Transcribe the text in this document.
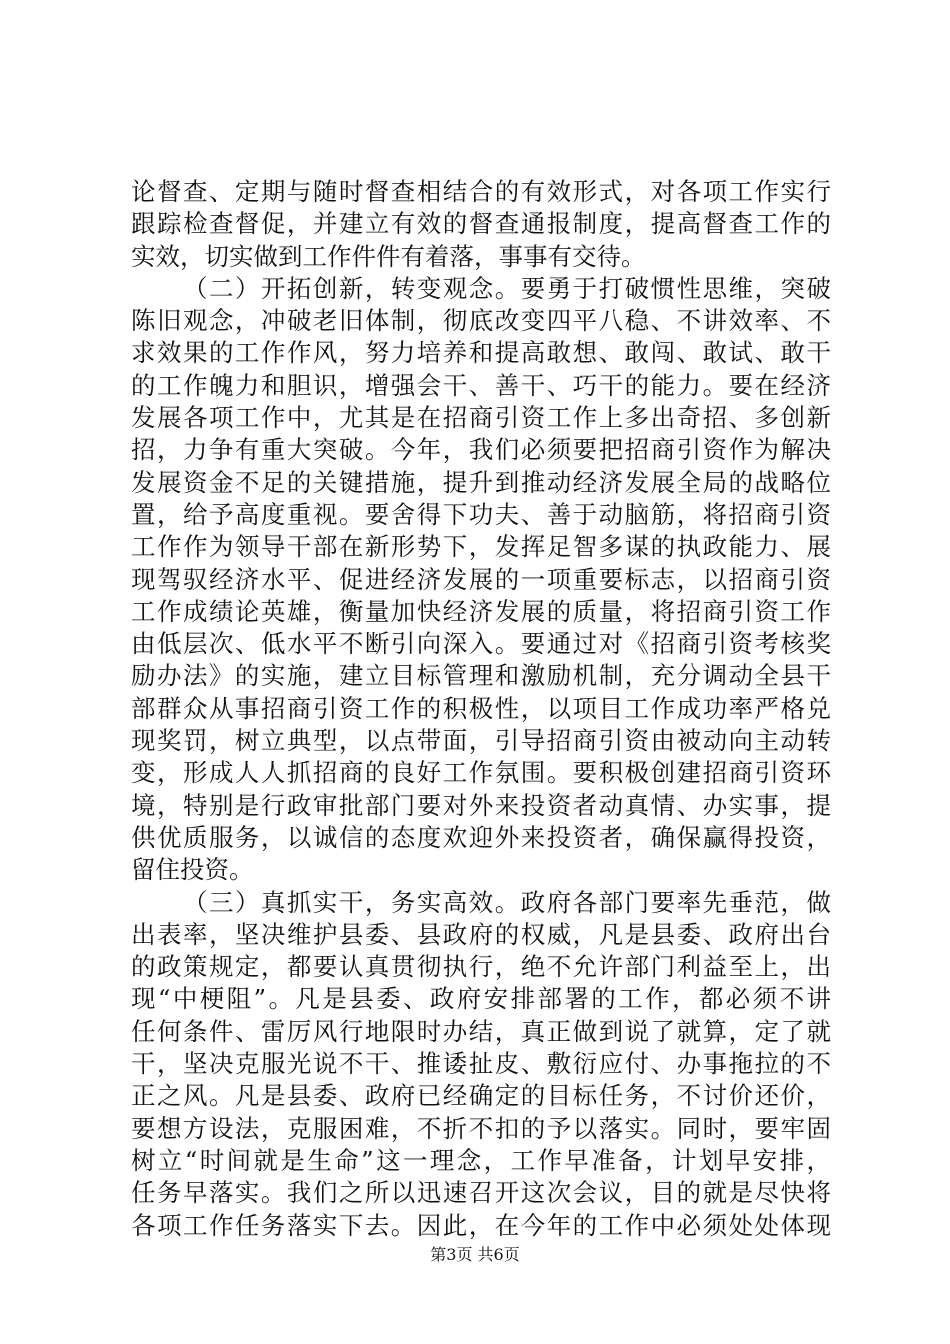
论督查、定期与随时督查相结合的有效形式，对各项工作实行
跟踪检查督促，并建立有效的督查通报制度，提高督查工作的
实效，切实做到工作件件有着落，事事有交待。
（二）开拓创新，转变观念。要勇于打破惯性思维，突破
陈旧观念，冲破老旧体制，彻底改变四平八稳、不讲效率、不
求效果的工作作风，努力培养和提高敢想、敢闯、敢试、敢干
的工作魄力和胆识，增强会干、善干、巧干的能力。要在经济
发展各项工作中，尤其是在招商引资工作上多出奇招、多创新
招，力争有重大突破。今年，我们必须要把招商引资作为解决
发展资金不足的关键措施，提升到推动经济发展全局的战略位
置，给予高度重视。要舍得下功夫、善于动脑筋，将招商引资
工作作为领导干部在新形势下，发挥足智多谋的执政能力、展
现驾驭经济水平、促进经济发展的一项重要标志，以招商引资
工作成绩论英雄，衡量加快经济发展的质量，将招商引资工作
由低层次、低水平不断引向深入。要通过对《招商引资考核奖
励办法》的实施，建立目标管理和激励机制，充分调动全县干
部群众从事招商引资工作的积极性，以项目工作成功率严格兑
现奖罚，树立典型，以点带面，引导招商引资由被动向主动转
变，形成人人抓招商的良好工作氛围。要积极创建招商引资环
境，特别是行政审批部门要对外来投资者动真情、办实事，提
供优质服务，以诚信的态度欢迎外来投资者，确保赢得投资，
留住投资。
（三）真抓实干，务实高效。政府各部门要率先垂范，做
出表率，坚决维护县委、县政府的权威，凡是县委、政府出台
的政策规定，都要认真贯彻执行，绝不允许部门利益至上，出
现“中梗阻”。凡是县委、政府安排部署的工作，都必须不讲
任何条件、雷厉风行地限时办结，真正做到说了就算，定了就
干，坚决克服光说不干、推诿扯皮、敷衍应付、办事拖拉的不
正之风。凡是县委、政府已经确定的目标任务，不讨价还价，
要想方设法，克服困难，不折不扣的予以落实。同时，要牢固
树立“时间就是生命”这一理念，工作早准备，计划早安排，
任务早落实。我们之所以迅速召开这次会议，目的就是尽快将
各项工作任务落实下去。因此，在今年的工作中必须处处体现
第3页 共6页
